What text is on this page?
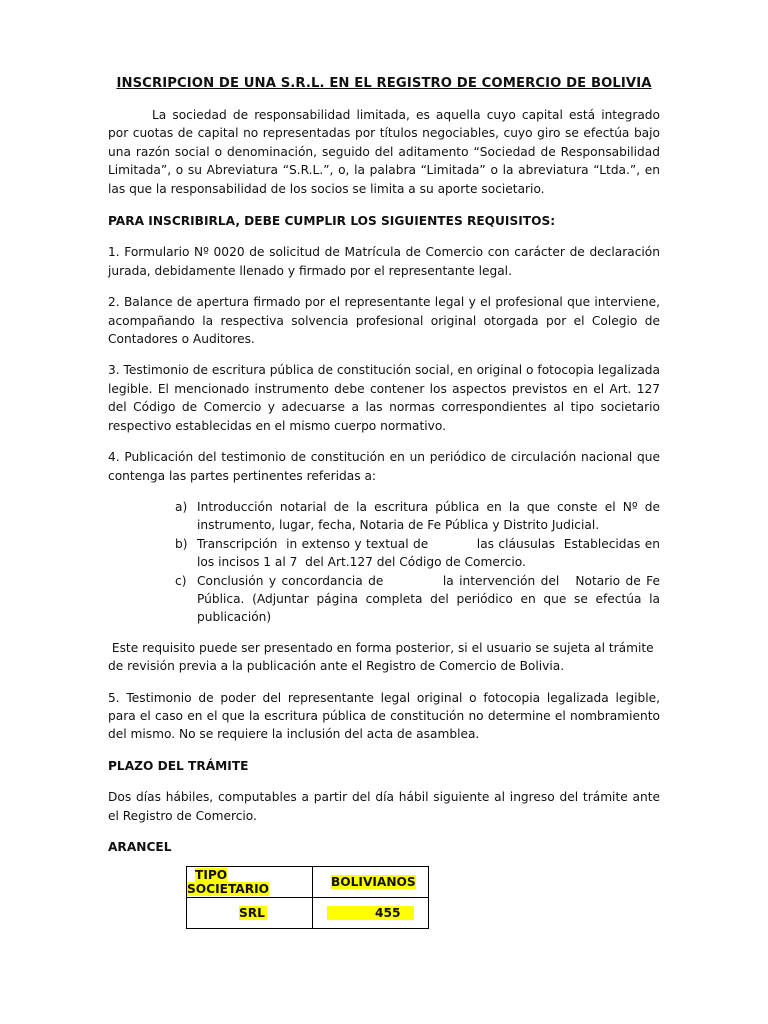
INSCRIPCION DE UNA S.R.L. EN EL REGISTRO DE COMERCIO DE BOLIVIA

La sociedad de responsabilidad limitada, es aquella cuyo capital está integrado por cuotas de capital no representadas por títulos negociables, cuyo giro se efectúa bajo una razón social o denominación, seguido del aditamento “Sociedad de Responsabilidad Limitada”, o su Abreviatura “S.R.L.”, o, la palabra “Limitada” o la abreviatura “Ltda.”, en las que la responsabilidad de los socios se limita a su aporte societario.

PARA INSCRIBIRLA, DEBE CUMPLIR LOS SIGUIENTES REQUISITOS:

1. Formulario Nº 0020 de solicitud de Matrícula de Comercio con carácter de declaración jurada, debidamente llenado y firmado por el representante legal.

2. Balance de apertura firmado por el representante legal y el profesional que interviene, acompañando la respectiva solvencia profesional original otorgada por el Colegio de Contadores o Auditores.

3. Testimonio de escritura pública de constitución social, en original o fotocopia legalizada legible. El mencionado instrumento debe contener los aspectos previstos en el Art. 127 del Código de Comercio y adecuarse a las normas correspondientes al tipo societario respectivo establecidas en el mismo cuerpo normativo.

4. Publicación del testimonio de constitución en un periódico de circulación nacional que contenga las partes pertinentes referidas a:

a) Introducción notarial de la escritura pública en la que conste el Nº de instrumento, lugar, fecha, Notaria de Fe Pública y Distrito Judicial.
b) Transcripción  in extenso y textual de           las cláusulas  Establecidas en los incisos 1 al 7  del Art.127 del Código de Comercio.
c) Conclusión y concordancia de           la intervención del   Notario de Fe Pública. (Adjuntar página completa del periódico en que se efectúa la publicación)

Este requisito puede ser presentado en forma posterior, si el usuario se sujeta al trámite de revisión previa a la publicación ante el Registro de Comercio de Bolivia.

5. Testimonio de poder del representante legal original o fotocopia legalizada legible, para el caso en el que la escritura pública de constitución no determine el nombramiento del mismo. No se requiere la inclusión del acta de asamblea.

PLAZO DEL TRÁMITE

Dos días hábiles, computables a partir del día hábil siguiente al ingreso del trámite ante el Registro de Comercio.

ARANCEL

TIPO SOCIETARIO	BOLIVIANOS
SRL	455
